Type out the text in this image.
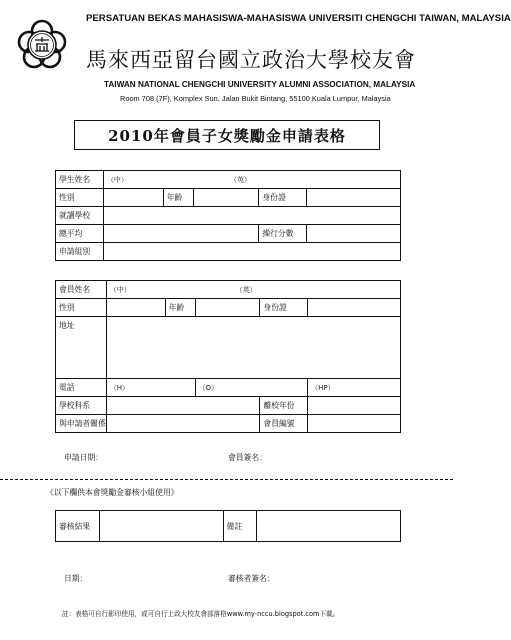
PERSATUAN BEKAS MAHASISWA-MAHASISWA UNIVERSITI CHENGCHI TAIWAN, MALAYSIA
馬來西亞留台國立政治大學校友會
TAIWAN NATIONAL CHENGCHI UNIVERSITY ALUMNI ASSOCIATION, MALAYSIA
Room 708 (7F), Komplex Sun, Jalan Bukit Bintang, 55100 Kuala Lumpur, Malaysia
2010年會員子女獎勵金申請表格
學生姓名	（中）			（英）		
性別		年齡			身份證	
就讀學校						
總平均					操行分數	
申請組別						
會員姓名	（中）			（英）		
性別		年齡			身份證	
地址						
電話	（H）		（O）			（HP）
學校科系					離校年份	
與申請者關係					會員編號	
申請日期：	會員簽名：
《以下欄供本會獎勵金審核小組使用》
審核結果		備註	
日期：	審核者簽名：
註：表格可自行影印使用，或可自行上政大校友會部落格www.my-nccu.blogspot.com下載。
